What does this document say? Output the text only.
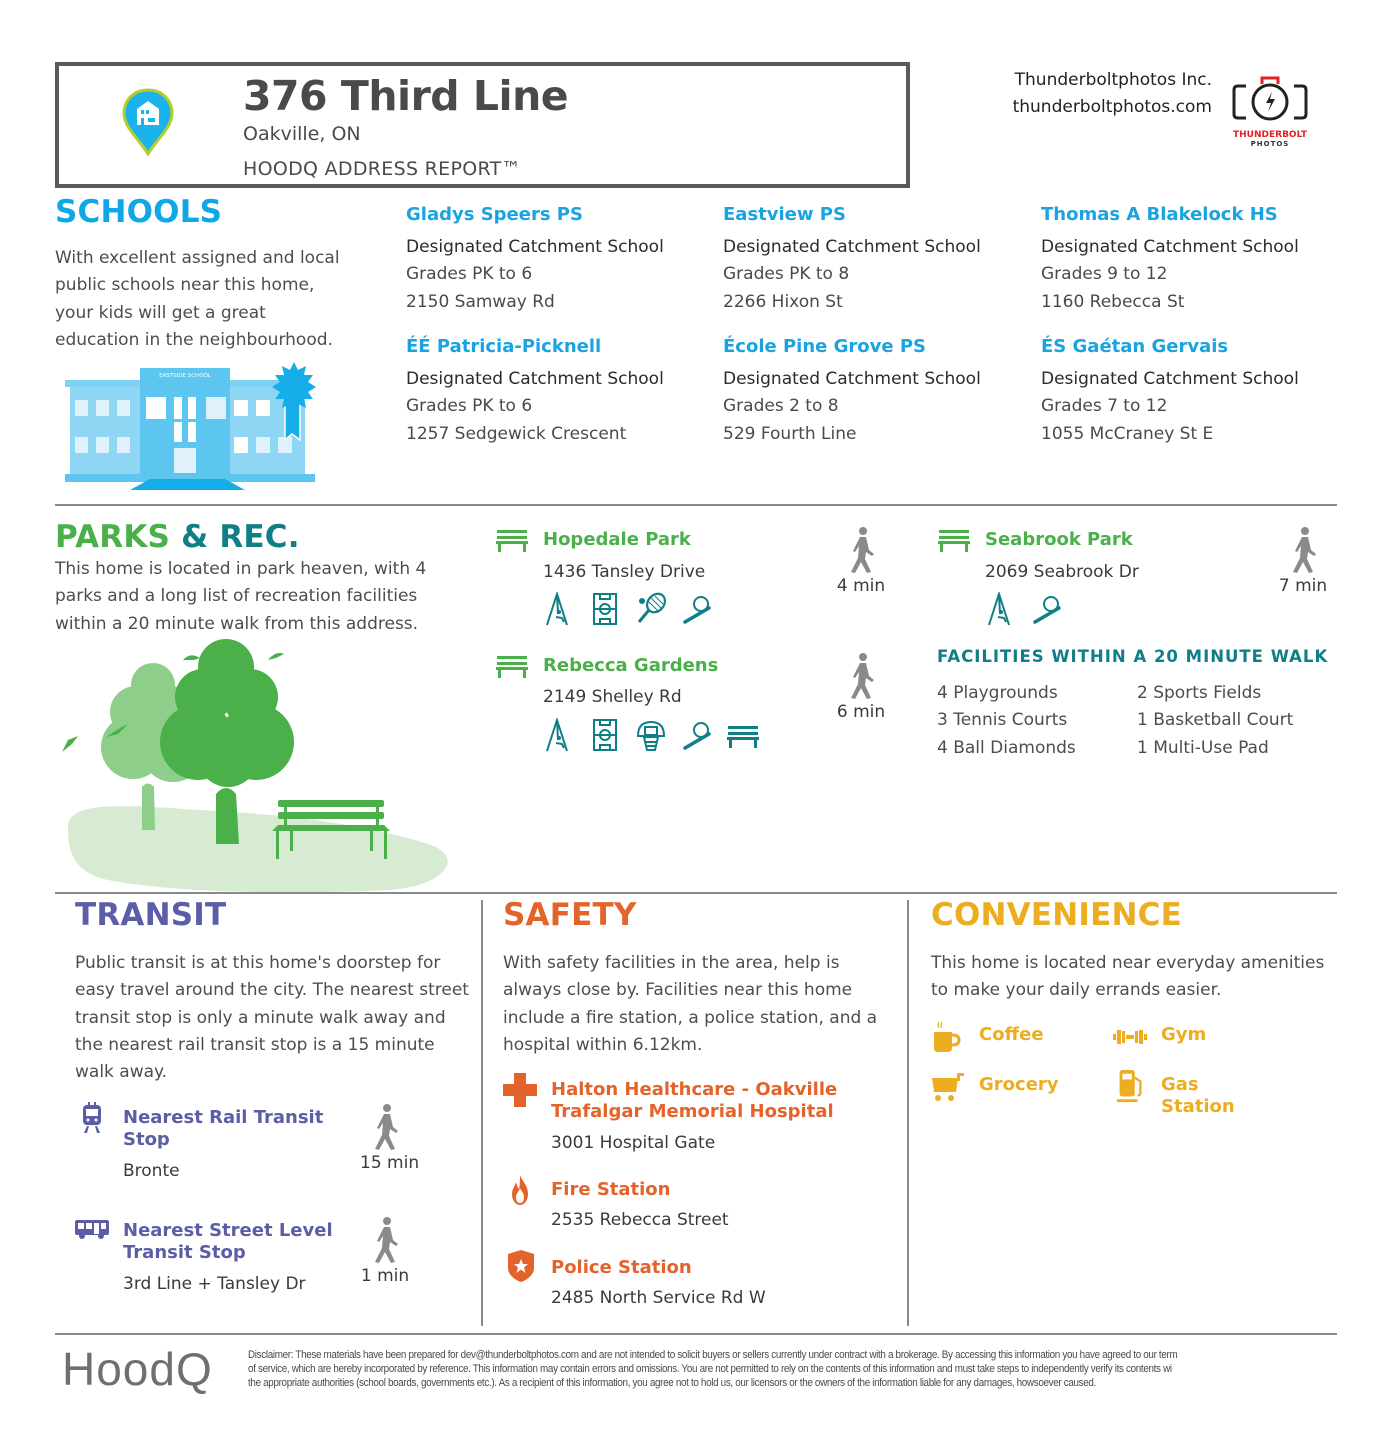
376 Third Line
Oakville, ON
HOODQ ADDRESS REPORT™
Thunderboltphotos Inc.
thunderboltphotos.com
THUNDERBOLT
PHOTOS
SCHOOLS
With excellent assigned and local public schools near this home, your kids will get a great education in the neighbourhood.
EASTSIDE SCHOOL
Gladys Speers PS
Designated Catchment School
Grades PK to 6
2150 Samway Rd
Eastview PS
Designated Catchment School
Grades PK to 8
2266 Hixon St
Thomas A Blakelock HS
Designated Catchment School
Grades 9 to 12
1160 Rebecca St
ÉÉ Patricia-Picknell
Designated Catchment School
Grades PK to 6
1257 Sedgewick Crescent
École Pine Grove PS
Designated Catchment School
Grades 2 to 8
529 Fourth Line
ÉS Gaétan Gervais
Designated Catchment School
Grades 7 to 12
1055 McCraney St E
PARKS & REC.
This home is located in park heaven, with 4 parks and a long list of recreation facilities within a 20 minute walk from this address.
Hopedale Park
1436 Tansley Drive
4 min
Rebecca Gardens
2149 Shelley Rd
6 min
Seabrook Park
2069 Seabrook Dr
7 min
FACILITIES WITHIN A 20 MINUTE WALK
4 Playgrounds	2 Sports Fields
3 Tennis Courts	1 Basketball Court
4 Ball Diamonds	1 Multi-Use Pad
TRANSIT
Public transit is at this home's doorstep for easy travel around the city. The nearest street transit stop is only a minute walk away and the nearest rail transit stop is a 15 minute walk away.
Nearest Rail Transit
Stop
Bronte	15 min
Nearest Street Level
Transit Stop
3rd Line + Tansley Dr	1 min
SAFETY
With safety facilities in the area, help is always close by. Facilities near this home include a fire station, a police station, and a hospital within 6.12km.
Halton Healthcare - Oakville
Trafalgar Memorial Hospital
3001 Hospital Gate
Fire Station
2535 Rebecca Street
Police Station
2485 North Service Rd W
CONVENIENCE
This home is located near everyday amenities to make your daily errands easier.
Coffee	Gym
Grocery	Gas
Station
HoodQ	Disclaimer: These materials have been prepared for dev@thunderboltphotos.com and are not intended to solicit buyers or sellers currently under contract with a brokerage. By accessing this information you have agreed to our term
of service, which are hereby incorporated by reference. This information may contain errors and omissions. You are not permitted to rely on the contents of this information and must take steps to independently verify its contents wi
the appropriate authorities (school boards, governments etc.). As a recipient of this information, you agree not to hold us, our licensors or the owners of the information liable for any damages, howsoever caused.
